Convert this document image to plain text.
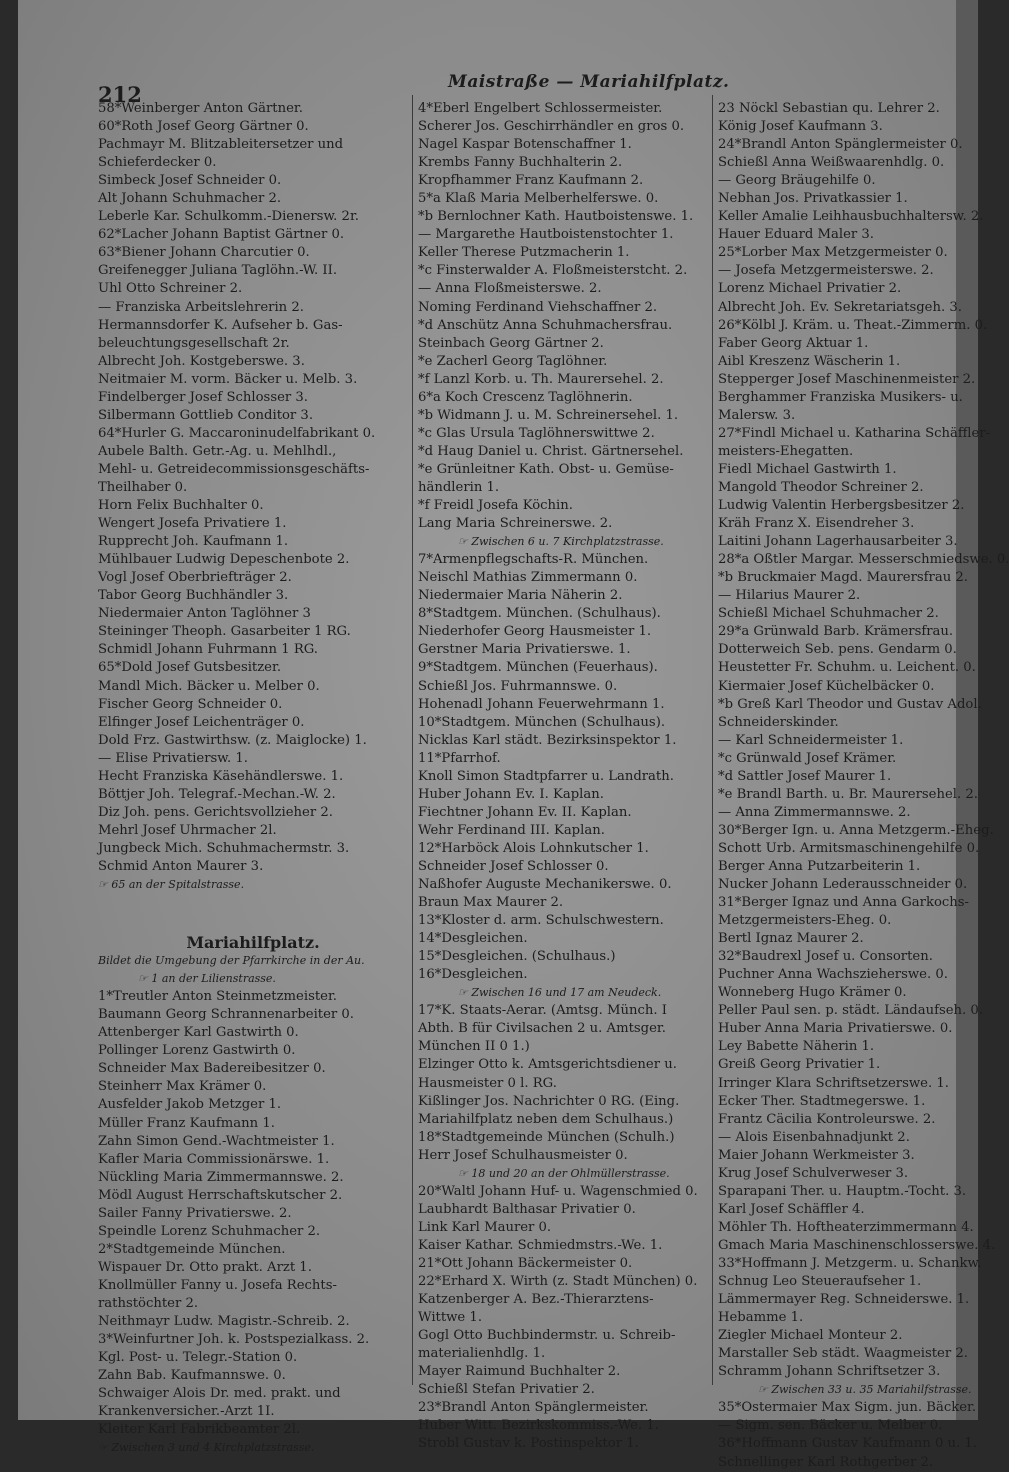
212	Maistraße — Mariahilfplatz.
58*Weinberger Anton Gärtner.
60*Roth Josef Georg Gärtner 0.
Pachmayr M. Blitzableitersetzer und
Schieferdecker 0.
Simbeck Josef Schneider 0.
Alt Johann Schuhmacher 2.
Leberle Kar. Schulkomm.-Dienersw. 2r.
62*Lacher Johann Baptist Gärtner 0.
63*Biener Johann Charcutier 0.
Greifenegger Juliana Taglöhn.-W. II.
Uhl Otto Schreiner 2.
— Franziska Arbeitslehrerin 2.
Hermannsdorfer K. Aufseher b. Gas-
beleuchtungsgesellschaft 2r.
Albrecht Joh. Kostgeberswe. 3.
Neitmaier M. vorm. Bäcker u. Melb. 3.
Findelberger Josef Schlosser 3.
Silbermann Gottlieb Conditor 3.
64*Hurler G. Maccaroninudelfabrikant 0.
Aubele Balth. Getr.-Ag. u. Mehlhdl.,
Mehl- u. Getreidecommissionsgeschäfts-
Theilhaber 0.
Horn Felix Buchhalter 0.
Wengert Josefa Privatiere 1.
Rupprecht Joh. Kaufmann 1.
Mühlbauer Ludwig Depeschenbote 2.
Vogl Josef Oberbriefträger 2.
Tabor Georg Buchhändler 3.
Niedermaier Anton Taglöhner 3
Steininger Theoph. Gasarbeiter 1 RG.
Schmidl Johann Fuhrmann 1 RG.
65*Dold Josef Gutsbesitzer.
Mandl Mich. Bäcker u. Melber 0.
Fischer Georg Schneider 0.
Elfinger Josef Leichenträger 0.
Dold Frz. Gastwirthsw. (z. Maiglocke) 1.
— Elise Privatiersw. 1.
Hecht Franziska Käsehändlerswe. 1.
Böttjer Joh. Telegraf.-Mechan.-W. 2.
Diz Joh. pens. Gerichtsvollzieher 2.
Mehrl Josef Uhrmacher 2l.
Jungbeck Mich. Schuhmachermstr. 3.
Schmid Anton Maurer 3.
☞ 65 an der Spitalstrasse.
Mariahilfplatz.
Bildet die Umgebung der Pfarrkirche in der Au.
☞ 1 an der Lilienstrasse.
1*Treutler Anton Steinmetzmeister.
Baumann Georg Schrannenarbeiter 0.
Attenberger Karl Gastwirth 0.
Pollinger Lorenz Gastwirth 0.
Schneider Max Badereibesitzer 0.
Steinherr Max Krämer 0.
Ausfelder Jakob Metzger 1.
Müller Franz Kaufmann 1.
Zahn Simon Gend.-Wachtmeister 1.
Kafler Maria Commissionärswe. 1.
Nückling Maria Zimmermannswe. 2.
Mödl August Herrschaftskutscher 2.
Sailer Fanny Privatierswe. 2.
Speindle Lorenz Schuhmacher 2.
2*Stadtgemeinde München.
Wispauer Dr. Otto prakt. Arzt 1.
Knollmüller Fanny u. Josefa Rechts-
rathstöchter 2.
Neithmayr Ludw. Magistr.-Schreib. 2.
3*Weinfurtner Joh. k. Postspezialkass. 2.
Kgl. Post- u. Telegr.-Station 0.
Zahn Bab. Kaufmannswe. 0.
Schwaiger Alois Dr. med. prakt. und
Krankenversicher.-Arzt 1I.
Kleiter Karl Fabrikbeamter 2l.
☞ Zwischen 3 und 4 Kirchplatzstrasse.
4*Eberl Engelbert Schlossermeister.
Scherer Jos. Geschirrhändler en gros 0.
Nagel Kaspar Botenschaffner 1.
Krembs Fanny Buchhalterin 2.
Kropfhammer Franz Kaufmann 2.
5*a Klaß Maria Melberhelferswe. 0.
*b Bernlochner Kath. Hautboistenswe. 1.
— Margarethe Hautboistenstochter 1.
Keller Therese Putzmacherin 1.
*c Finsterwalder A. Floßmeisterstcht. 2.
— Anna Floßmeisterswe. 2.
Noming Ferdinand Viehschaffner 2.
*d Anschütz Anna Schuhmachersfrau.
Steinbach Georg Gärtner 2.
*e Zacherl Georg Taglöhner.
*f Lanzl Korb. u. Th. Maurersehel. 2.
6*a Koch Crescenz Taglöhnerin.
*b Widmann J. u. M. Schreinersehel. 1.
*c Glas Ursula Taglöhnerswittwe 2.
*d Haug Daniel u. Christ. Gärtnersehel.
*e Grünleitner Kath. Obst- u. Gemüse-
händlerin 1.
*f Freidl Josefa Köchin.
Lang Maria Schreinerswe. 2.
☞ Zwischen 6 u. 7 Kirchplatzstrasse.
7*Armenpflegschafts-R. München.
Neischl Mathias Zimmermann 0.
Niedermaier Maria Näherin 2.
8*Stadtgem. München. (Schulhaus).
Niederhofer Georg Hausmeister 1.
Gerstner Maria Privatierswe. 1.
9*Stadtgem. München (Feuerhaus).
Schießl Jos. Fuhrmannswe. 0.
Hohenadl Johann Feuerwehrmann 1.
10*Stadtgem. München (Schulhaus).
Nicklas Karl städt. Bezirksinspektor 1.
11*Pfarrhof.
Knoll Simon Stadtpfarrer u. Landrath.
Huber Johann Ev. I. Kaplan.
Fiechtner Johann Ev. II. Kaplan.
Wehr Ferdinand III. Kaplan.
12*Harböck Alois Lohnkutscher 1.
Schneider Josef Schlosser 0.
Naßhofer Auguste Mechanikerswe. 0.
Braun Max Maurer 2.
13*Kloster d. arm. Schulschwestern.
14*Desgleichen.
15*Desgleichen. (Schulhaus.)
16*Desgleichen.
☞ Zwischen 16 und 17 am Neudeck.
17*K. Staats-Aerar. (Amtsg. Münch. I
Abth. B für Civilsachen 2 u. Amtsger.
München II 0 1.)
Elzinger Otto k. Amtsgerichtsdiener u.
Hausmeister 0 l. RG.
Kißlinger Jos. Nachrichter 0 RG. (Eing.
Mariahilfplatz neben dem Schulhaus.)
18*Stadtgemeinde München (Schulh.)
Herr Josef Schulhausmeister 0.
☞ 18 und 20 an der Ohlmüllerstrasse.
20*Waltl Johann Huf- u. Wagenschmied 0.
Laubhardt Balthasar Privatier 0.
Link Karl Maurer 0.
Kaiser Kathar. Schmiedmstrs.-We. 1.
21*Ott Johann Bäckermeister 0.
22*Erhard X. Wirth (z. Stadt München) 0.
Katzenberger A. Bez.-Thierarztens-
Wittwe 1.
Gogl Otto Buchbindermstr. u. Schreib-
materialienhdlg. 1.
Mayer Raimund Buchhalter 2.
Schießl Stefan Privatier 2.
23*Brandl Anton Spänglermeister.
Huber Witt. Bezirkskommiss.-We. 1.
Strobl Gustav k. Postinspektor 1.
23 Nöckl Sebastian qu. Lehrer 2.
König Josef Kaufmann 3.
24*Brandl Anton Spänglermeister 0.
Schießl Anna Weißwaarenhdlg. 0.
— Georg Bräugehilfe 0.
Nebhan Jos. Privatkassier 1.
Keller Amalie Leihhausbuchhaltersw. 2.
Hauer Eduard Maler 3.
25*Lorber Max Metzgermeister 0.
— Josefa Metzgermeisterswe. 2.
Lorenz Michael Privatier 2.
Albrecht Joh. Ev. Sekretariatsgeh. 3.
26*Kölbl J. Kräm. u. Theat.-Zimmerm. 0.
Faber Georg Aktuar 1.
Aibl Kreszenz Wäscherin 1.
Stepperger Josef Maschinenmeister 2.
Berghammer Franziska Musikers- u.
Malersw. 3.
27*Findl Michael u. Katharina Schäffler-
meisters-Ehegatten.
Fiedl Michael Gastwirth 1.
Mangold Theodor Schreiner 2.
Ludwig Valentin Herbergsbesitzer 2.
Kräh Franz X. Eisendreher 3.
Laitini Johann Lagerhausarbeiter 3.
28*a Oßtler Margar. Messerschmiedswe. 0.
*b Bruckmaier Magd. Maurersfrau 2.
— Hilarius Maurer 2.
Schießl Michael Schuhmacher 2.
29*a Grünwald Barb. Krämersfrau.
Dotterweich Seb. pens. Gendarm 0.
Heustetter Fr. Schuhm. u. Leichent. 0.
Kiermaier Josef Küchelbäcker 0.
*b Greß Karl Theodor und Gustav Adol.
Schneiderskinder.
— Karl Schneidermeister 1.
*c Grünwald Josef Krämer.
*d Sattler Josef Maurer 1.
*e Brandl Barth. u. Br. Maurersehel. 2.
— Anna Zimmermannswe. 2.
30*Berger Ign. u. Anna Metzgerm.-Eheg.
Schott Urb. Armitsmaschinengehilfe 0.
Berger Anna Putzarbeiterin 1.
Nucker Johann Lederausschneider 0.
31*Berger Ignaz und Anna Garkochs-
Metzgermeisters-Eheg. 0.
Bertl Ignaz Maurer 2.
32*Baudrexl Josef u. Consorten.
Puchner Anna Wachszieherswe. 0.
Wonneberg Hugo Krämer 0.
Peller Paul sen. p. städt. Ländaufseh. 0.
Huber Anna Maria Privatierswe. 0.
Ley Babette Näherin 1.
Greiß Georg Privatier 1.
Irringer Klara Schriftsetzerswe. 1.
Ecker Ther. Stadtmegerswe. 1.
Frantz Cäcilia Kontroleurswe. 2.
— Alois Eisenbahnadjunkt 2.
Maier Johann Werkmeister 3.
Krug Josef Schulverweser 3.
Sparapani Ther. u. Hauptm.-Tocht. 3.
Karl Josef Schäffler 4.
Möhler Th. Hoftheaterzimmermann 4.
Gmach Maria Maschinenschlosserswe. 4.
33*Hoffmann J. Metzgerm. u. Schankw.
Schnug Leo Steueraufseher 1.
Lämmermayer Reg. Schneiderswe. 1.
Hebamme 1.
Ziegler Michael Monteur 2.
Marstaller Seb städt. Waagmeister 2.
Schramm Johann Schriftsetzer 3.
☞ Zwischen 33 u. 35 Mariahilfstrasse.
35*Ostermaier Max Sigm. jun. Bäcker.
— Sigm. sen. Bäcker u. Melber 0.
36*Hoffmann Gustav Kaufmann 0 u. 1.
Schnellinger Karl Rothgerber 2.
